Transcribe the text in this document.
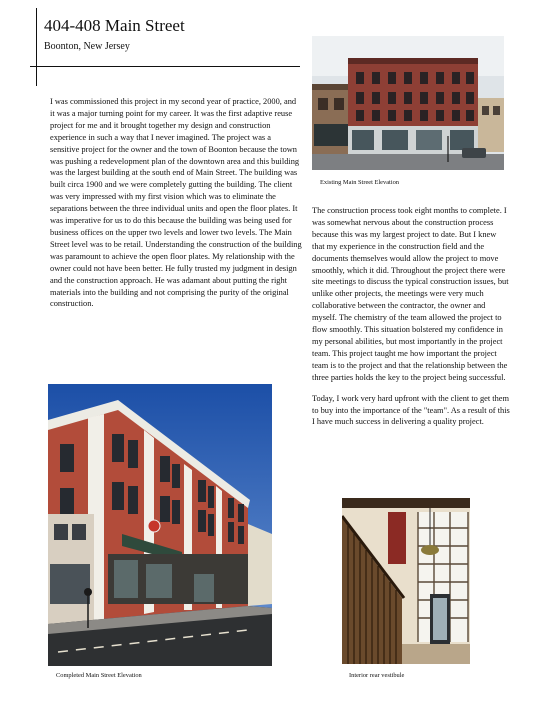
404-408 Main Street
Boonton, New Jersey

I was commissioned this project in my second year of practice, 2000, and it was a major turning point for my career. It was the first adaptive reuse project for me and it brought together my design and construction experience in such a way that I never imagined. The project was a sensitive project for the owner and the town of Boonton because the town was pushing a redevelopment plan of the downtown area and this building was the largest building at the south end of Main Street. The building was built circa 1900 and we were completely gutting the building. The client was very impressed with my first vision which was to eliminate the separations between the three individual units and open the floor plates. It was imperative for us to do this because the building was being used for business offices on the upper two levels and lower two levels. The Main Street level was to be retail. Understanding the construction of the building was paramount to achieve the open floor plates. My relationship with the owner could not have been better. He fully trusted my judgment in design and the construction approach. He was adamant about putting the right materials into the building and not comprising the purity of the original construction.

The construction process took eight months to complete. I was somewhat nervous about the construction process because this was my largest project to date. But I knew that my experience in the construction field and the documents themselves would allow the project to move smoothly, which it did. Throughout the project there were site meetings to discuss the typical construction issues, but unlike other projects, the meetings were very much collaborative between the contractor, the owner and myself. The chemistry of the team allowed the project to flow smoothly. This situation bolstered my confidence in my personal abilities, but most importantly in the project team. This project taught me how important the project team is to the project and that the relationship between the three parties holds the key to the project being successful.

Today, I work very hard upfront with the client to get them to buy into the importance of the "team". As a result of this I have much success in delivering a quality project.

Existing Main Street Elevation
Completed Main Street Elevation	Interior rear vestibule
